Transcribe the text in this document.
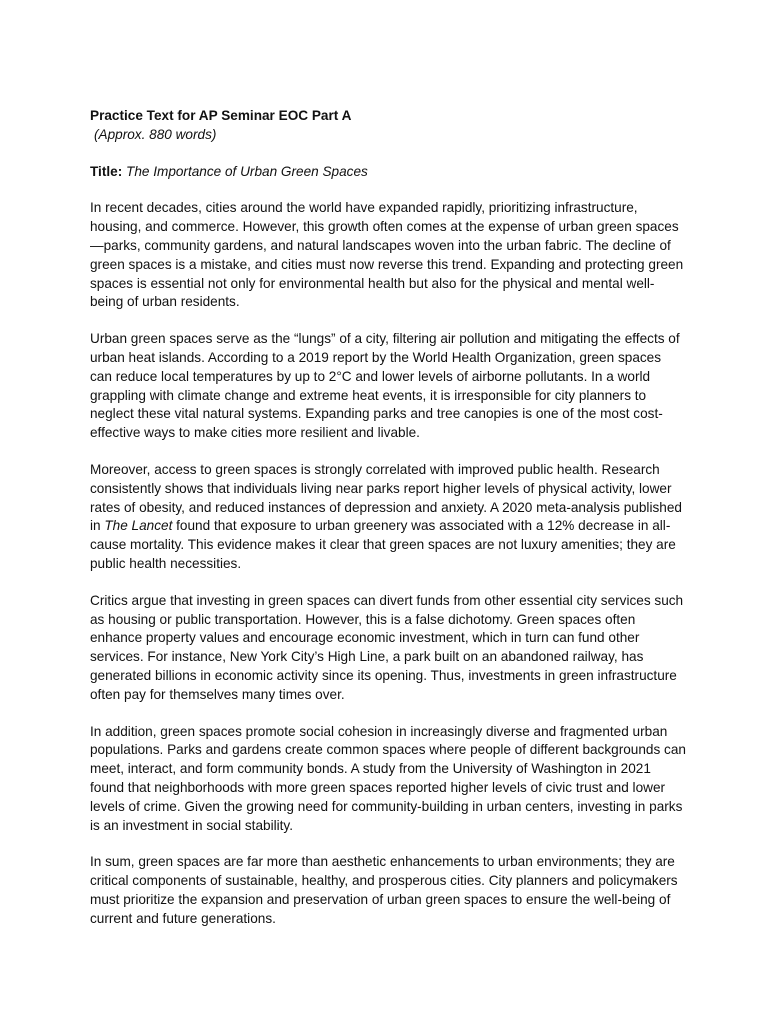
Practice Text for AP Seminar EOC Part A

(Approx. 880 words)

Title: The Importance of Urban Green Spaces

In recent decades, cities around the world have expanded rapidly, prioritizing infrastructure, housing, and commerce. However, this growth often comes at the expense of urban green spaces—parks, community gardens, and natural landscapes woven into the urban fabric. The decline of green spaces is a mistake, and cities must now reverse this trend. Expanding and protecting green spaces is essential not only for environmental health but also for the physical and mental well-being of urban residents.

Urban green spaces serve as the “lungs” of a city, filtering air pollution and mitigating the effects of urban heat islands. According to a 2019 report by the World Health Organization, green spaces can reduce local temperatures by up to 2°C and lower levels of airborne pollutants. In a world grappling with climate change and extreme heat events, it is irresponsible for city planners to neglect these vital natural systems. Expanding parks and tree canopies is one of the most cost-effective ways to make cities more resilient and livable.

Moreover, access to green spaces is strongly correlated with improved public health. Research consistently shows that individuals living near parks report higher levels of physical activity, lower rates of obesity, and reduced instances of depression and anxiety. A 2020 meta-analysis published in The Lancet found that exposure to urban greenery was associated with a 12% decrease in all-cause mortality. This evidence makes it clear that green spaces are not luxury amenities; they are public health necessities.

Critics argue that investing in green spaces can divert funds from other essential city services such as housing or public transportation. However, this is a false dichotomy. Green spaces often enhance property values and encourage economic investment, which in turn can fund other services. For instance, New York City’s High Line, a park built on an abandoned railway, has generated billions in economic activity since its opening. Thus, investments in green infrastructure often pay for themselves many times over.

In addition, green spaces promote social cohesion in increasingly diverse and fragmented urban populations. Parks and gardens create common spaces where people of different backgrounds can meet, interact, and form community bonds. A study from the University of Washington in 2021 found that neighborhoods with more green spaces reported higher levels of civic trust and lower levels of crime. Given the growing need for community-building in urban centers, investing in parks is an investment in social stability.

In sum, green spaces are far more than aesthetic enhancements to urban environments; they are critical components of sustainable, healthy, and prosperous cities. City planners and policymakers must prioritize the expansion and preservation of urban green spaces to ensure the well-being of current and future generations.
